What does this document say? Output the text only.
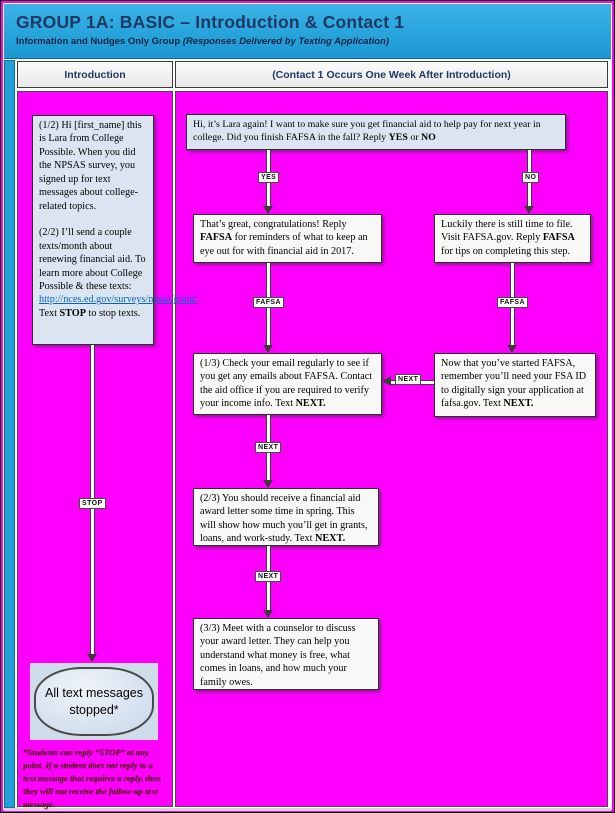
GROUP 1A: BASIC – Introduction & Contact 1
Information and Nudges Only Group (Responses Delivered by Texting Application)
Introduction	(Contact 1 Occurs One Week After Introduction)

(1/2) Hi [first_name] this is Lara from College Possible. When you did the NPSAS survey, you signed up for text messages about college-related topics.

(2/2) I’ll send a couple texts/month about renewing financial aid. To learn more about College Possible & these texts: http://nces.ed.gov/surveys/npsas/grant/. Text STOP to stop texts.

STOP
All text messages stopped*
*Students can reply “STOP” at any point. If a student does not reply to a text message that requires a reply, then they will not receive the follow-up text message.

Hi, it’s Lara again! I want to make sure you get financial aid to help pay for next year in college. Did you finish FAFSA in the fall? Reply YES or NO

YES	NO

That’s great, congratulations! Reply FAFSA for reminders of what to keep an eye out for with financial aid in 2017.

Luckily there is still time to file. Visit FAFSA.gov. Reply FAFSA for tips on completing this step.

FAFSA	FAFSA

(1/3) Check your email regularly to see if you get any emails about FAFSA. Contact the aid office if you are required to verify your income info. Text NEXT.

Now that you’ve started FAFSA, remember you’ll need your FSA ID to digitally sign your application at fafsa.gov. Text NEXT.

NEXT
NEXT

(2/3) You should receive a financial aid award letter some time in spring. This will show how much you’ll get in grants, loans, and work-study. Text NEXT.

NEXT

(3/3) Meet with a counselor to discuss your award letter. They can help you understand what money is free, what comes in loans, and how much your family owes.
